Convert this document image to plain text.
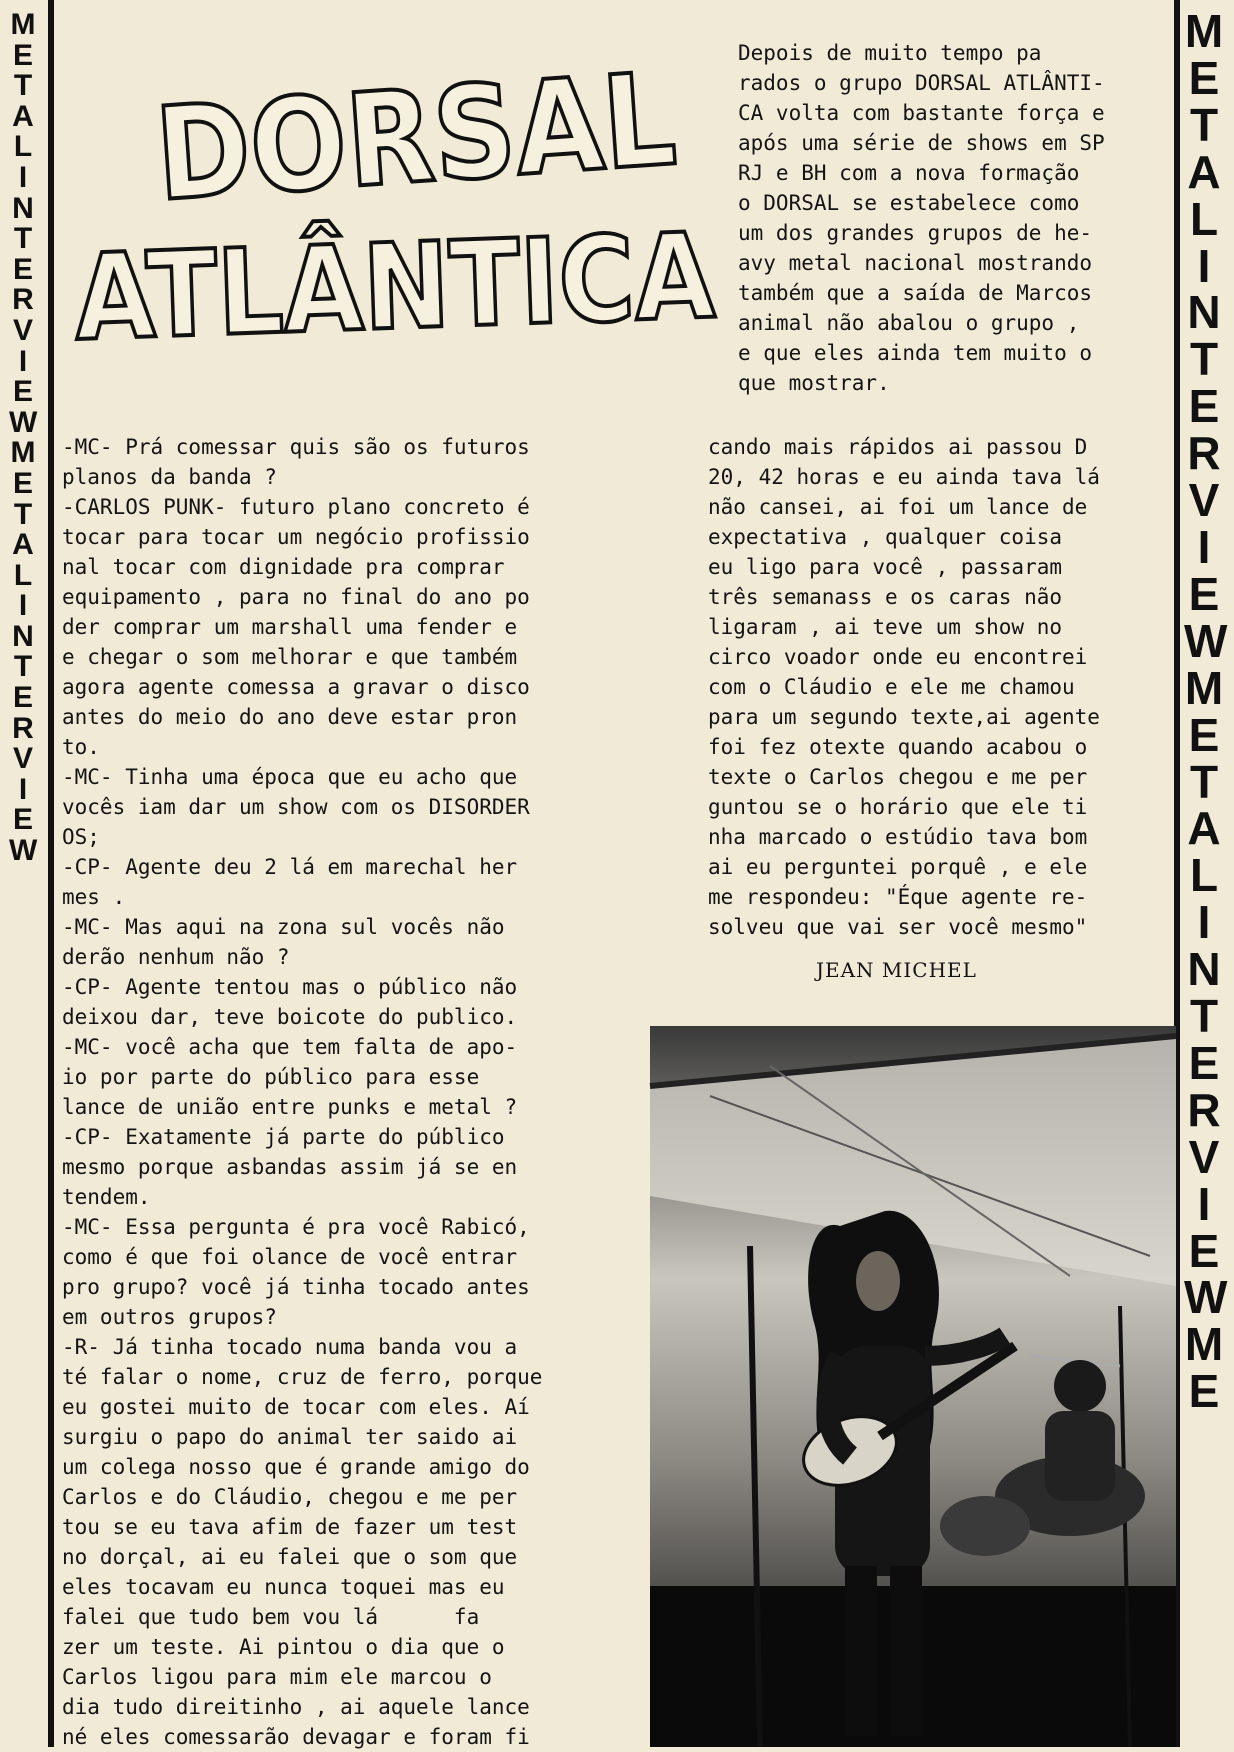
METAL INTERVIEW METAL INTERVIEW
METAL INTERVIEW METAL INTERVIEWME
DORSAL
ATLÂNTICA
Depois de muito tempo pa
rados o grupo DORSAL ATLÂNTI-
CA volta com bastante força e
após uma série de shows em SP
RJ e BH com a nova formação
o DORSAL se estabelece como
um dos grandes grupos de he-
avy metal nacional mostrando
também que a saída de Marcos
animal não abalou o grupo ,
e que eles ainda tem muito o
que mostrar.
-MC- Prá comessar quis são os futuros
planos da banda ?
-CARLOS PUNK- futuro plano concreto é
tocar para tocar um negócio profissio
nal tocar com dignidade pra comprar
equipamento , para no final do ano po
der comprar um marshall uma fender e
e chegar o som melhorar e que também
agora agente comessa a gravar o disco
antes do meio do ano deve estar pron
to.
-MC- Tinha uma época que eu acho que
vocês iam dar um show com os DISORDER
OS;
-CP- Agente deu 2 lá em marechal her
mes .
-MC- Mas aqui na zona sul vocês não
derão nenhum não ?
-CP- Agente tentou mas o público não
deixou dar, teve boicote do publico.
-MC- você acha que tem falta de apo-
io por parte do público para esse
lance de união entre punks e metal ?
-CP- Exatamente já parte do público
mesmo porque asbandas assim já se en
tendem.
-MC- Essa pergunta é pra você Rabicó,
como é que foi olance de você entrar
pro grupo? você já tinha tocado antes
em outros grupos?
-R- Já tinha tocado numa banda vou a
té falar o nome, cruz de ferro, porque
eu gostei muito de tocar com eles. Aí
surgiu o papo do animal ter saido ai
um colega nosso que é grande amigo do
Carlos e do Cláudio, chegou e me per
tou se eu tava afim de fazer um test
no dorçal, ai eu falei que o som que
eles tocavam eu nunca toquei mas eu
falei que tudo bem vou lá      fa
zer um teste. Ai pintou o dia que o
Carlos ligou para mim ele marcou o
dia tudo direitinho , ai aquele lance
né eles comessarão devagar e foram fi
cando mais rápidos ai passou D
20, 42 horas e eu ainda tava lá
não cansei, ai foi um lance de
expectativa , qualquer coisa
eu ligo para você , passaram
três semanass e os caras não
ligaram , ai teve um show no
circo voador onde eu encontrei
com o Cláudio e ele me chamou
para um segundo texte,ai agente
foi fez otexte quando acabou o
texte o Carlos chegou e me per
guntou se o horário que ele ti
nha marcado o estúdio tava bom
ai eu perguntei porquê , e ele
me respondeu: "Éque agente re-
solveu que vai ser você mesmo"
JEAN MICHEL
